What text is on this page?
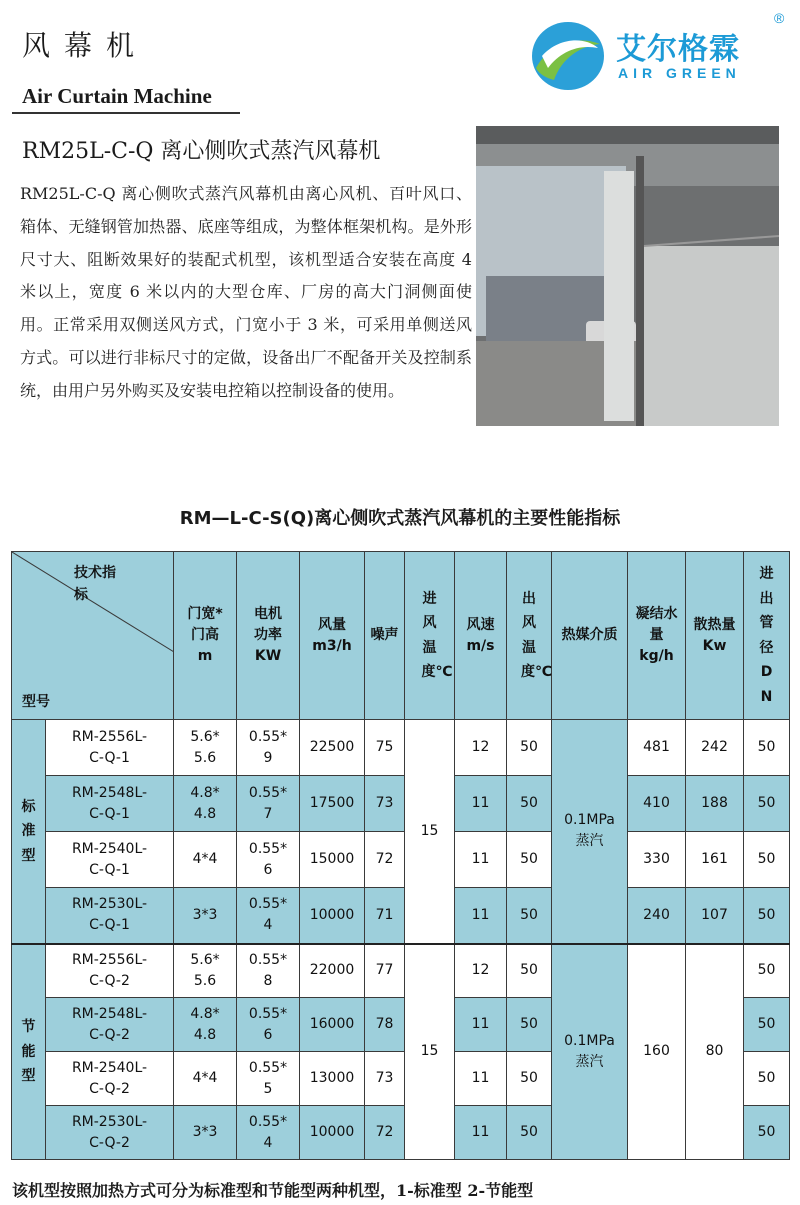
风幕机
Air Curtain Machine
艾尔格霖
AIR GREEN
®
RM25L-C-Q 离心侧吹式蒸汽风幕机
RM25L-C-Q 离心侧吹式蒸汽风幕机由离心风机、百叶风口、箱体、无缝钢管加热器、底座等组成，为整体框架机构。是外形尺寸大、阻断效果好的装配式机型，该机型适合安装在高度 4 米以上，宽度 6 米以内的大型仓库、厂房的高大门洞侧面使用。正常采用双侧送风方式，门宽小于 3 米，可采用单侧送风方式。可以进行非标尺寸的定做，设备出厂不配备开关及控制系统，由用户另外购买及安装电控箱以控制设备的使用。
RM—L-C-S(Q)离心侧吹式蒸汽风幕机的主要性能指标
技术指标
型号		门宽*门高m	电机功率KW	风量m3/h	噪声	进风温度℃	风速m/s	出风温度℃	热媒介质	凝结水量kg/h	散热量Kw	进出管径DN

标准型	RM-2556L-C-Q-1	5.6*5.6	0.55*9	22500	75	15	12	50	0.1MPa蒸汽	481	242	50

	RM-2548L-C-Q-1	4.8*4.8	0.55*7	17500	73		11	50		410	188	50

	RM-2540L-C-Q-1	4*4	0.55*6	15000	72		11	50		330	161	50

	RM-2530L-C-Q-1	3*3	0.55*4	10000	71		11	50		240	107	50

节能型	RM-2556L-C-Q-2	5.6*5.6	0.55*8	22000	77	15	12	50	0.1MPa蒸汽	160	80	50

	RM-2548L-C-Q-2	4.8*4.8	0.55*6	16000	78		11	50				50

	RM-2540L-C-Q-2	4*4	0.55*5	13000	73		11	50				50

	RM-2530L-C-Q-2	3*3	0.55*4	10000	72		11	50				50
该机型按照加热方式可分为标准型和节能型两种机型，1-标准型 2-节能型
